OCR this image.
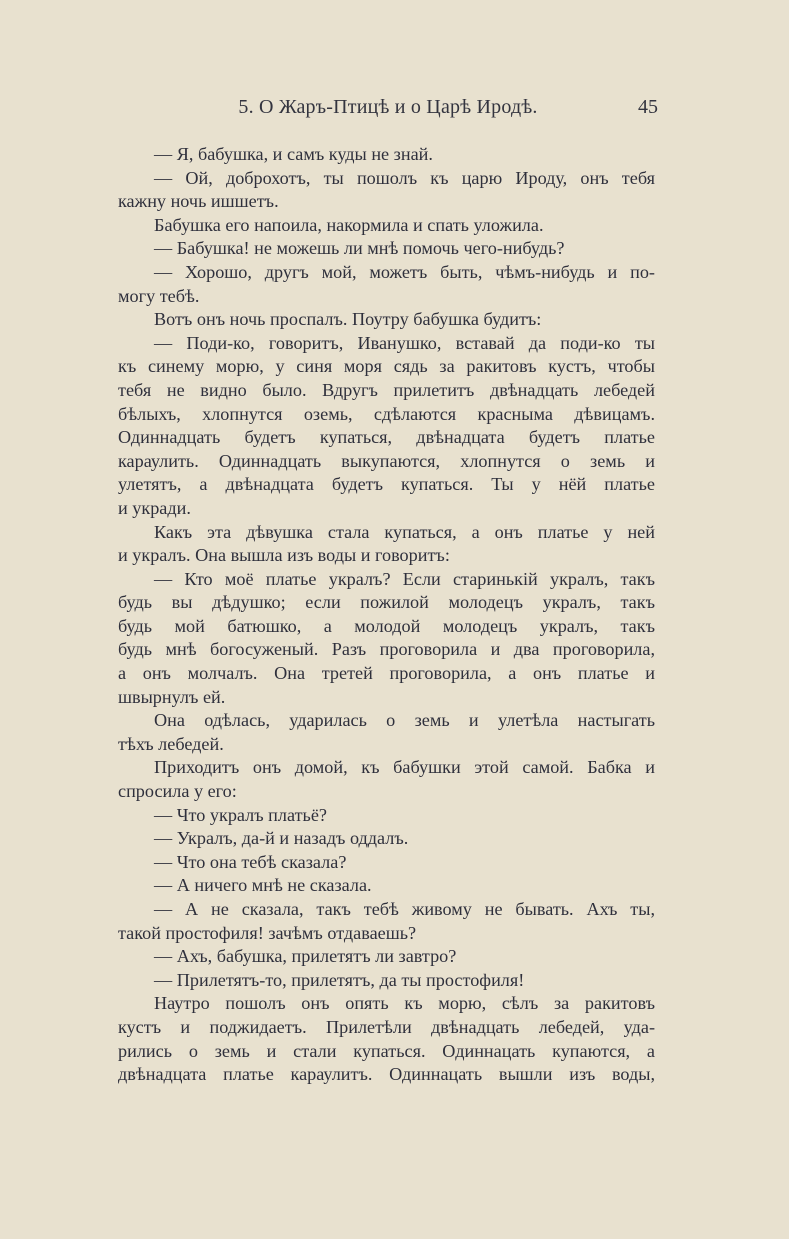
5. О Жаръ-Птицѣ и о Царѣ Иродѣ.	45
— Я, бабушка, и самъ куды не знай.
— Ой, доброхотъ, ты пошолъ къ царю Ироду, онъ тебя
кажну ночь ишшетъ.
Бабушка его напоила, накормила и спать уложила.
— Бабушка! не можешь ли мнѣ помочь чего-нибудь?
— Хорошо, другъ мой, можетъ быть, чѣмъ-нибудь и по-
могу тебѣ.
Вотъ онъ ночь проспалъ. Поутру бабушка будитъ:
— Поди-ко, говоритъ, Иванушко, вставай да поди-ко ты
къ синему морю, у синя моря сядь за ракитовъ кустъ, чтобы
тебя не видно было. Вдругъ прилетитъ двѣнадцать лебедей
бѣлыхъ, хлопнутся оземь, сдѣлаются красныма дѣвицамъ.
Одиннадцать будетъ купаться, двѣнадцата будетъ платье
караулить. Одиннадцать выкупаются, хлопнутся о земь и
улетятъ, а двѣнадцата будетъ купаться. Ты у нёй платье
и укради.
Какъ эта дѣвушка стала купаться, а онъ платье у ней
и укралъ. Она вышла изъ воды и говоритъ:
— Кто моё платье укралъ? Если старинькій укралъ, такъ
будь вы дѣдушко; если пожилой молодецъ укралъ, такъ
будь мой батюшко, а молодой молодецъ укралъ, такъ
будь мнѣ богосуженый. Разъ проговорила и два проговорила,
а онъ молчалъ. Она третей проговорила, а онъ платье и
швырнулъ ей.
Она одѣлась, ударилась о земь и улетѣла настыгать
тѣхъ лебедей.
Приходитъ онъ домой, къ бабушки этой самой. Бабка и
спросила у его:
— Что укралъ платьё?
— Укралъ, да-й и назадъ оддалъ.
— Что она тебѣ сказала?
— А ничего мнѣ не сказала.
— А не сказала, такъ тебѣ живому не бывать. Ахъ ты,
такой простофиля! зачѣмъ отдаваешь?
— Ахъ, бабушка, прилетятъ ли завтро?
— Прилетятъ-то, прилетятъ, да ты простофиля!
Наутро пошолъ онъ опять къ морю, сѣлъ за ракитовъ
кустъ и поджидаетъ. Прилетѣли двѣнадцать лебедей, уда-
рились о земь и стали купаться. Одиннацать купаются, а
двѣнадцата платье караулитъ. Одиннацать вышли изъ воды,
